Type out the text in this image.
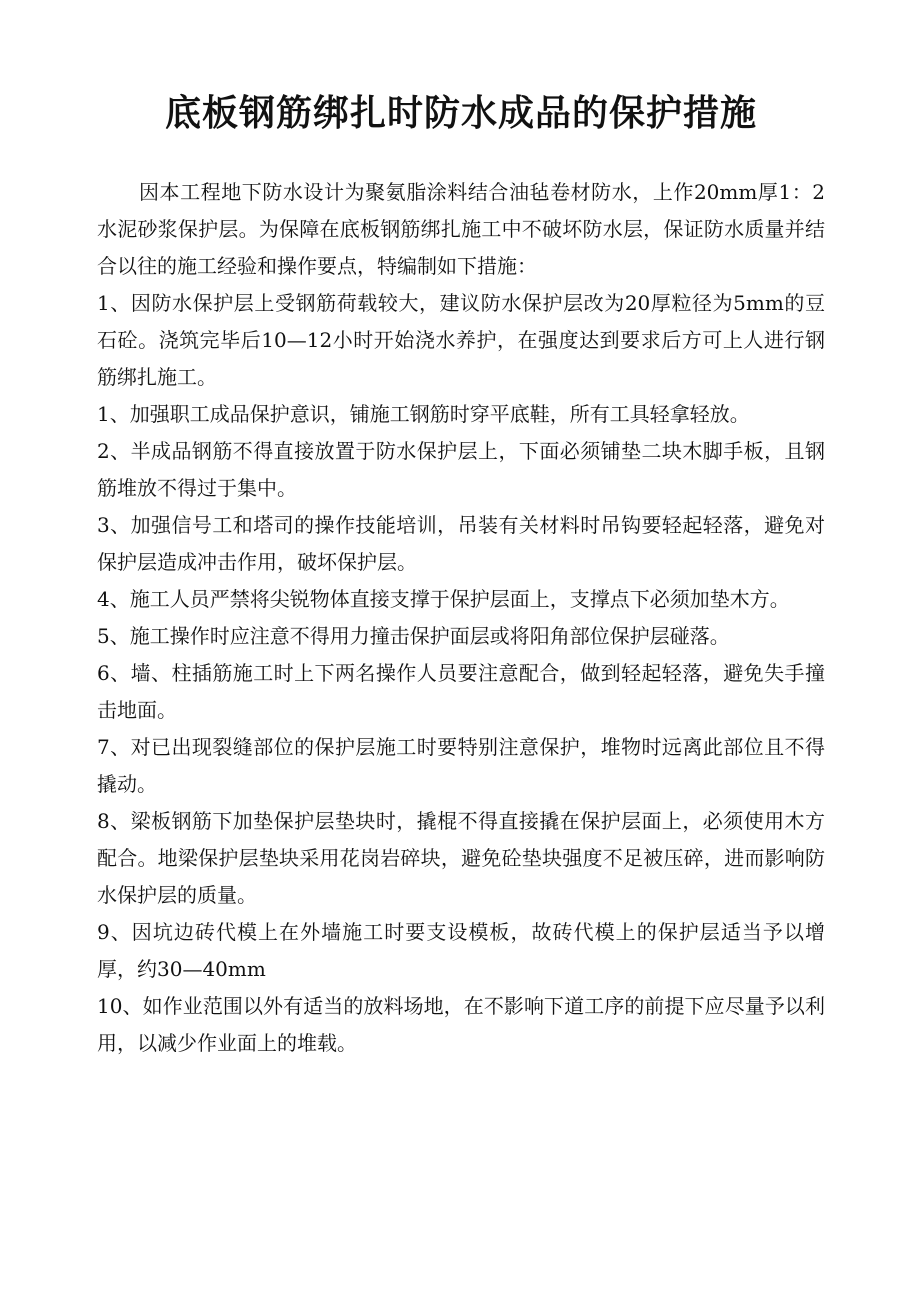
底板钢筋绑扎时防水成品的保护措施

因本工程地下防水设计为聚氨脂涂料结合油毡卷材防水，上作20mm厚1：2水泥砂浆保护层。为保障在底板钢筋绑扎施工中不破坏防水层，保证防水质量并结合以往的施工经验和操作要点，特编制如下措施：

1、因防水保护层上受钢筋荷载较大，建议防水保护层改为20厚粒径为5mm的豆石砼。浇筑完毕后10—12小时开始浇水养护，在强度达到要求后方可上人进行钢筋绑扎施工。

1、加强职工成品保护意识，铺施工钢筋时穿平底鞋，所有工具轻拿轻放。

2、半成品钢筋不得直接放置于防水保护层上，下面必须铺垫二块木脚手板，且钢筋堆放不得过于集中。

3、加强信号工和塔司的操作技能培训，吊装有关材料时吊钩要轻起轻落，避免对保护层造成冲击作用，破坏保护层。

4、施工人员严禁将尖锐物体直接支撑于保护层面上，支撑点下必须加垫木方。

5、施工操作时应注意不得用力撞击保护面层或将阳角部位保护层碰落。

6、墙、柱插筋施工时上下两名操作人员要注意配合，做到轻起轻落，避免失手撞击地面。

7、对已出现裂缝部位的保护层施工时要特别注意保护，堆物时远离此部位且不得撬动。

8、梁板钢筋下加垫保护层垫块时，撬棍不得直接撬在保护层面上，必须使用木方配合。地梁保护层垫块采用花岗岩碎块，避免砼垫块强度不足被压碎，进而影响防水保护层的质量。

9、因坑边砖代模上在外墙施工时要支设模板，故砖代模上的保护层适当予以增厚，约30—40mm

10、如作业范围以外有适当的放料场地，在不影响下道工序的前提下应尽量予以利用，以减少作业面上的堆载。
